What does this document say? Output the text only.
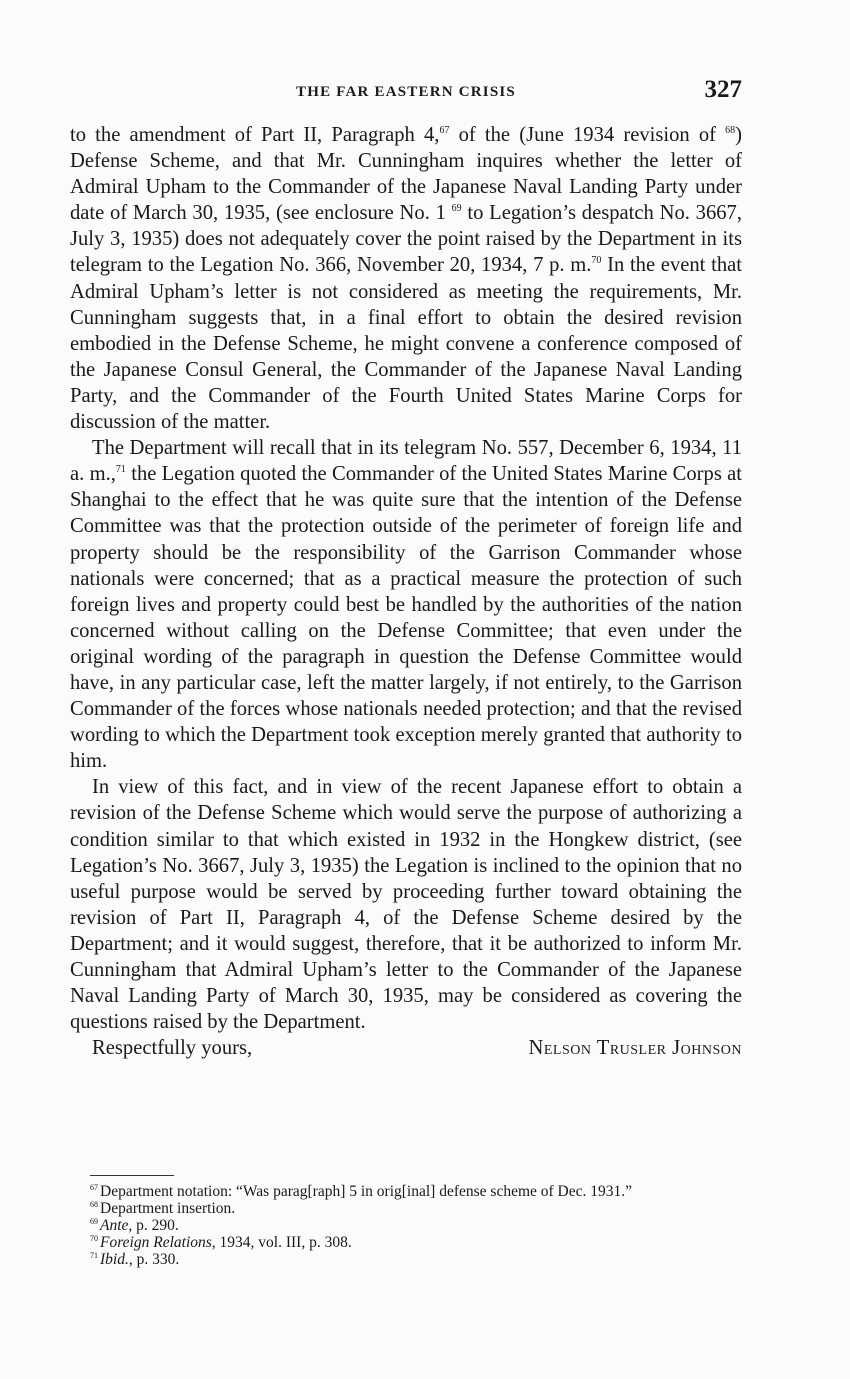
THE FAR EASTERN CRISIS	327

to the amendment of Part II, Paragraph 4,67 of the (June 1934 revision of $^{68}$) Defense Scheme, and that Mr. Cunningham inquires whether the letter of Admiral Upham to the Commander of the Japanese Naval Landing Party under date of March 30, 1935, (see enclosure No. 1 $^{69}$ to Legation’s despatch No. 3667, July 3, 1935) does not adequately cover the point raised by the Department in its telegram to the Legation No. 366, November 20, 1934, 7 p. m.$^{70}$ In the event that Admiral Upham’s letter is not considered as meeting the requirements, Mr. Cunningham suggests that, in a final effort to obtain the desired revision embodied in the Defense Scheme, he might convene a conference composed of the Japanese Consul General, the Commander of the Japanese Naval Landing Party, and the Commander of the Fourth United States Marine Corps for discussion of the matter.

The Department will recall that in its telegram No. 557, December 6, 1934, 11 a. m.,$^{71}$ the Legation quoted the Commander of the United States Marine Corps at Shanghai to the effect that he was quite sure that the intention of the Defense Committee was that the protection outside of the perimeter of foreign life and property should be the responsibility of the Garrison Commander whose nationals were concerned; that as a practical measure the protection of such foreign lives and property could best be handled by the authorities of the nation concerned without calling on the Defense Committee; that even under the original wording of the paragraph in question the Defense Committee would have, in any particular case, left the matter largely, if not entirely, to the Garrison Commander of the forces whose nationals needed protection; and that the revised wording to which the Department took exception merely granted that authority to him.

In view of this fact, and in view of the recent Japanese effort to obtain a revision of the Defense Scheme which would serve the purpose of authorizing a condition similar to that which existed in 1932 in the Hongkew district, (see Legation’s No. 3667, July 3, 1935) the Legation is inclined to the opinion that no useful purpose would be served by proceeding further toward obtaining the revision of Part II, Paragraph 4, of the Defense Scheme desired by the Department; and it would suggest, therefore, that it be authorized to inform Mr. Cunningham that Admiral Upham’s letter to the Commander of the Japanese Naval Landing Party of March 30, 1935, may be considered as covering the questions raised by the Department.

Respectfully yours,	Nelson Trusler Johnson
$^{67}$ Department notation: “Was parag[raph] 5 in orig[inal] defense scheme of Dec. 1931.”
$^{68}$ Department insertion.
$^{69}$ Ante, p. 290.
$^{70}$ Foreign Relations, 1934, vol. III, p. 308.
$^{71}$ Ibid., p. 330.
